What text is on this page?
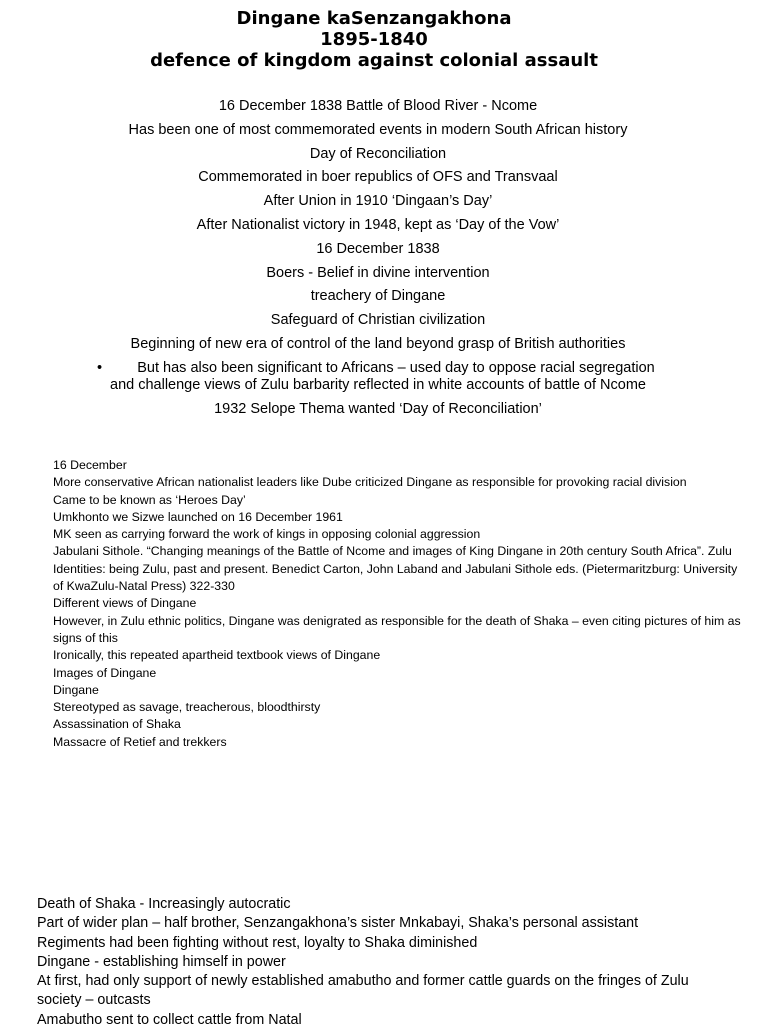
Dingane kaSenzangakhona
1895-1840
defence of kingdom against colonial assault
16 December 1838 Battle of Blood River - Ncome
Has been one of most commemorated events in modern South African history
Day of Reconciliation
Commemorated in boer republics of OFS and Transvaal
After Union in 1910 ‘Dingaan’s Day’
After Nationalist victory in 1948, kept as ‘Day of the Vow’
16 December 1838
Boers - Belief in divine intervention
treachery of Dingane
Safeguard of Christian civilization
Beginning of new era of control of the land beyond grasp of British authorities
•	But has also been significant to Africans – used day to oppose racial segregation
and challenge views of Zulu barbarity reflected in white accounts of battle of Ncome
1932 Selope Thema wanted ‘Day of Reconciliation’
16 December
More conservative African nationalist leaders like Dube criticized Dingane as responsible for provoking racial division
Came to be known as ‘Heroes Day’
Umkhonto we Sizwe launched on 16 December 1961
MK seen as carrying forward the work of kings in opposing colonial aggression
Jabulani Sithole. “Changing meanings of the Battle of Ncome and images of King Dingane in 20th century South Africa”. Zulu Identities: being Zulu, past and present. Benedict Carton, John Laband and Jabulani Sithole eds. (Pietermaritzburg: University of KwaZulu-Natal Press) 322-330
Different views of Dingane
However, in Zulu ethnic politics, Dingane was denigrated as responsible for the death of Shaka – even citing pictures of him as signs of this
Ironically, this repeated apartheid textbook views of Dingane
Images of Dingane
Dingane
Stereotyped as savage, treacherous, bloodthirsty
Assassination of Shaka
Massacre of Retief and trekkers
Death of Shaka - Increasingly autocratic
Part of wider plan – half brother, Senzangakhona’s sister Mnkabayi, Shaka’s personal assistant
Regiments had been fighting without rest, loyalty to Shaka diminished
Dingane - establishing himself in power
At first, had only support of newly established amabutho and former cattle guards on the fringes of Zulu society – outcasts
Amabutho sent to collect cattle from Natal
